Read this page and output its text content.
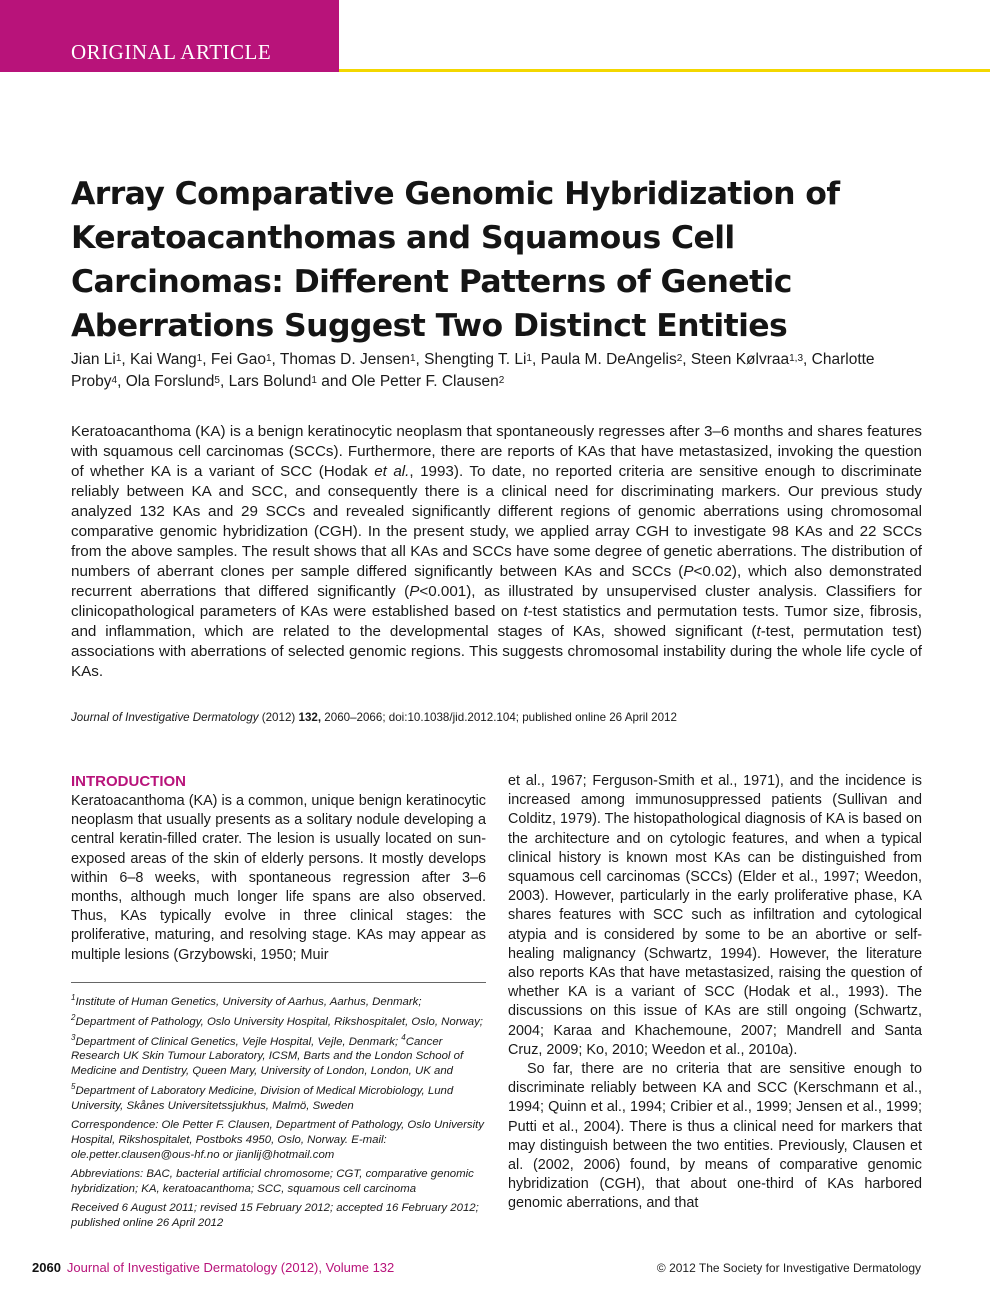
ORIGINAL ARTICLE
Array Comparative Genomic Hybridization of Keratoacanthomas and Squamous Cell Carcinomas: Different Patterns of Genetic Aberrations Suggest Two Distinct Entities
Jian Li$^1$, Kai Wang$^1$, Fei Gao$^1$, Thomas D. Jensen$^1$, Shengting T. Li$^1$, Paula M. DeAngelis$^2$, Steen Kølvraa$^{1,3}$, Charlotte Proby$^4$, Ola Forslund$^5$, Lars Bolund$^1$ and Ole Petter F. Clausen$^2$
Keratoacanthoma (KA) is a benign keratinocytic neoplasm that spontaneously regresses after 3–6 months and shares features with squamous cell carcinomas (SCCs). Furthermore, there are reports of KAs that have metastasized, invoking the question of whether KA is a variant of SCC (Hodak et al., 1993). To date, no reported criteria are sensitive enough to discriminate reliably between KA and SCC, and consequently there is a clinical need for discriminating markers. Our previous study analyzed 132 KAs and 29 SCCs and revealed significantly different regions of genomic aberrations using chromosomal comparative genomic hybridization (CGH). In the present study, we applied array CGH to investigate 98 KAs and 22 SCCs from the above samples. The result shows that all KAs and SCCs have some degree of genetic aberrations. The distribution of numbers of aberrant clones per sample differed significantly between KAs and SCCs (P<0.02), which also demonstrated recurrent aberrations that differed significantly (P<0.001), as illustrated by unsupervised cluster analysis. Classifiers for clinicopathological parameters of KAs were established based on t-test statistics and permutation tests. Tumor size, fibrosis, and inflammation, which are related to the developmental stages of KAs, showed significant (t-test, permutation test) associations with aberrations of selected genomic regions. This suggests chromosomal instability during the whole life cycle of KAs.
Journal of Investigative Dermatology (2012) 132, 2060–2066; doi:10.1038/jid.2012.104; published online 26 April 2012
INTRODUCTION

Keratoacanthoma (KA) is a common, unique benign keratinocytic neoplasm that usually presents as a solitary nodule developing a central keratin-filled crater. The lesion is usually located on sun-exposed areas of the skin of elderly persons. It mostly develops within 6–8 weeks, with spontaneous regression after 3–6 months, although much longer life spans are also observed. Thus, KAs typically evolve in three clinical stages: the proliferative, maturing, and resolving stage. KAs may appear as multiple lesions (Grzybowski, 1950; Muir

$^1$Institute of Human Genetics, University of Aarhus, Aarhus, Denmark; $^2$Department of Pathology, Oslo University Hospital, Rikshospitalet, Oslo, Norway; $^3$Department of Clinical Genetics, Vejle Hospital, Vejle, Denmark; $^4$Cancer Research UK Skin Tumour Laboratory, ICSM, Barts and the London School of Medicine and Dentistry, Queen Mary, University of London, London, UK and $^5$Department of Laboratory Medicine, Division of Medical Microbiology, Lund University, Skånes Universitetssjukhus, Malmö, Sweden
Correspondence: Ole Petter F. Clausen, Department of Pathology, Oslo University Hospital, Rikshospitalet, Postboks 4950, Oslo, Norway. E-mail: ole.petter.clausen@ous-hf.no or jianlij@hotmail.com
Abbreviations: BAC, bacterial artificial chromosome; CGT, comparative genomic hybridization; KA, keratoacanthoma; SCC, squamous cell carcinoma
Received 6 August 2011; revised 15 February 2012; accepted 16 February 2012; published online 26 April 2012

et al., 1967; Ferguson-Smith et al., 1971), and the incidence is increased among immunosuppressed patients (Sullivan and Colditz, 1979). The histopathological diagnosis of KA is based on the architecture and on cytologic features, and when a typical clinical history is known most KAs can be distinguished from squamous cell carcinomas (SCCs) (Elder et al., 1997; Weedon, 2003). However, particularly in the early proliferative phase, KA shares features with SCC such as infiltration and cytological atypia and is considered by some to be an abortive or self-healing malignancy (Schwartz, 1994). However, the literature also reports KAs that have metastasized, raising the question of whether KA is a variant of SCC (Hodak et al., 1993). The discussions on this issue of KAs are still ongoing (Schwartz, 2004; Karaa and Khachemoune, 2007; Mandrell and Santa Cruz, 2009; Ko, 2010; Weedon et al., 2010a).

So far, there are no criteria that are sensitive enough to discriminate reliably between KA and SCC (Kerschmann et al., 1994; Quinn et al., 1994; Cribier et al., 1999; Jensen et al., 1999; Putti et al., 2004). There is thus a clinical need for markers that may distinguish between the two entities. Previously, Clausen et al. (2002, 2006) found, by means of comparative genomic hybridization (CGH), that about one-third of KAs harbored genomic aberrations, and that

2060 Journal of Investigative Dermatology (2012), Volume 132	© 2012 The Society for Investigative Dermatology
